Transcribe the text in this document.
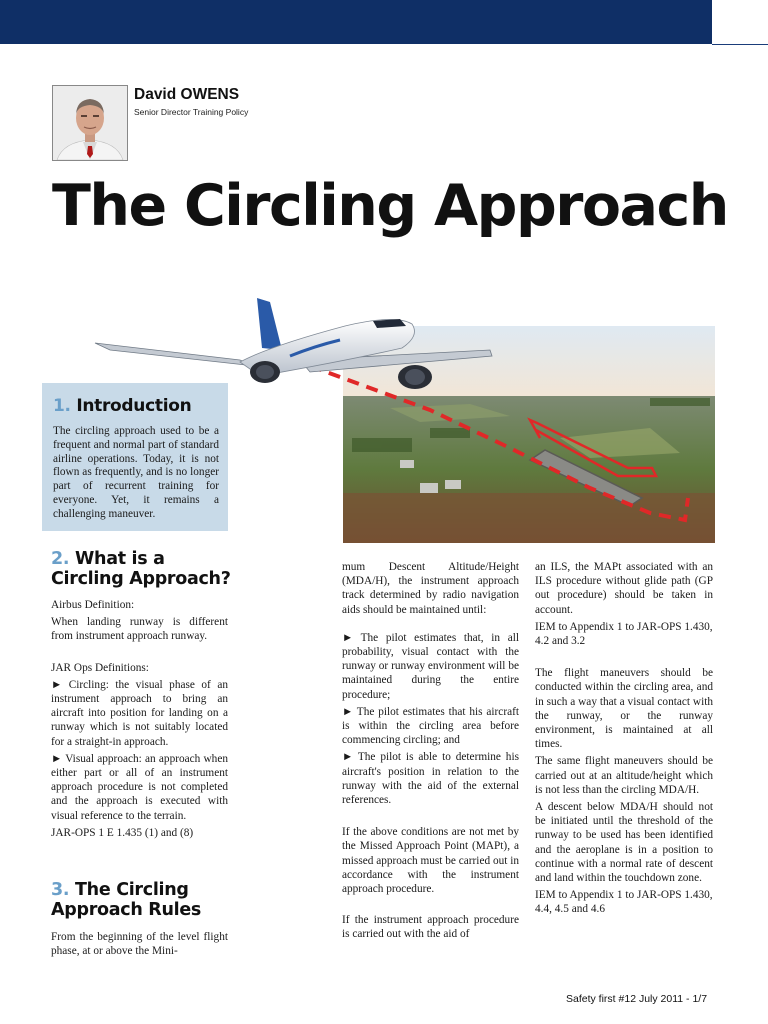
David OWENS
Senior Director Training Policy
The Circling Approach
1. Introduction
The circling approach used to be a frequent and normal part of standard airline operations. Today, it is not flown as frequently, and is no longer part of recurrent training for everyone. Yet, it remains a challenging maneuver.
2. What is a
Circling Approach?

Airbus Definition:

When landing runway is different from instrument approach runway.

JAR Ops Definitions:

► Circling: the visual phase of an instrument approach to bring an aircraft into position for landing on a runway which is not suitably located for a straight-in approach.

► Visual approach: an approach when either part or all of an instrument approach procedure is not completed and the approach is executed with visual reference to the terrain.

JAR-OPS 1 E 1.435 (1) and (8)

3. The Circling
Approach Rules

From the beginning of the level flight phase, at or above the Mini-

mum Descent Altitude/Height (MDA/H), the instrument approach track determined by radio navigation aids should be maintained until:

► The pilot estimates that, in all probability, visual contact with the runway or runway environment will be maintained during the entire procedure;

► The pilot estimates that his aircraft is within the circling area before commencing circling; and

► The pilot is able to determine his aircraft's position in relation to the runway with the aid of the external references.

If the above conditions are not met by the Missed Approach Point (MAPt), a missed approach must be carried out in accordance with the instrument approach procedure.

If the instrument approach procedure is carried out with the aid of

an ILS, the MAPt associated with an ILS procedure without glide path (GP out procedure) should be taken in account.

IEM to Appendix 1 to JAR-OPS 1.430, 4.2 and 3.2

The flight maneuvers should be conducted within the circling area, and in such a way that a visual contact with the runway, or the runway environment, is maintained at all times.

The same flight maneuvers should be carried out at an altitude/height which is not less than the circling MDA/H.

A descent below MDA/H should not be initiated until the threshold of the runway to be used has been identified and the aeroplane is in a position to continue with a normal rate of descent and land within the touchdown zone.

IEM to Appendix 1 to JAR-OPS 1.430, 4.4, 4.5 and 4.6

Safety first #12 July 2011 - 1/7
